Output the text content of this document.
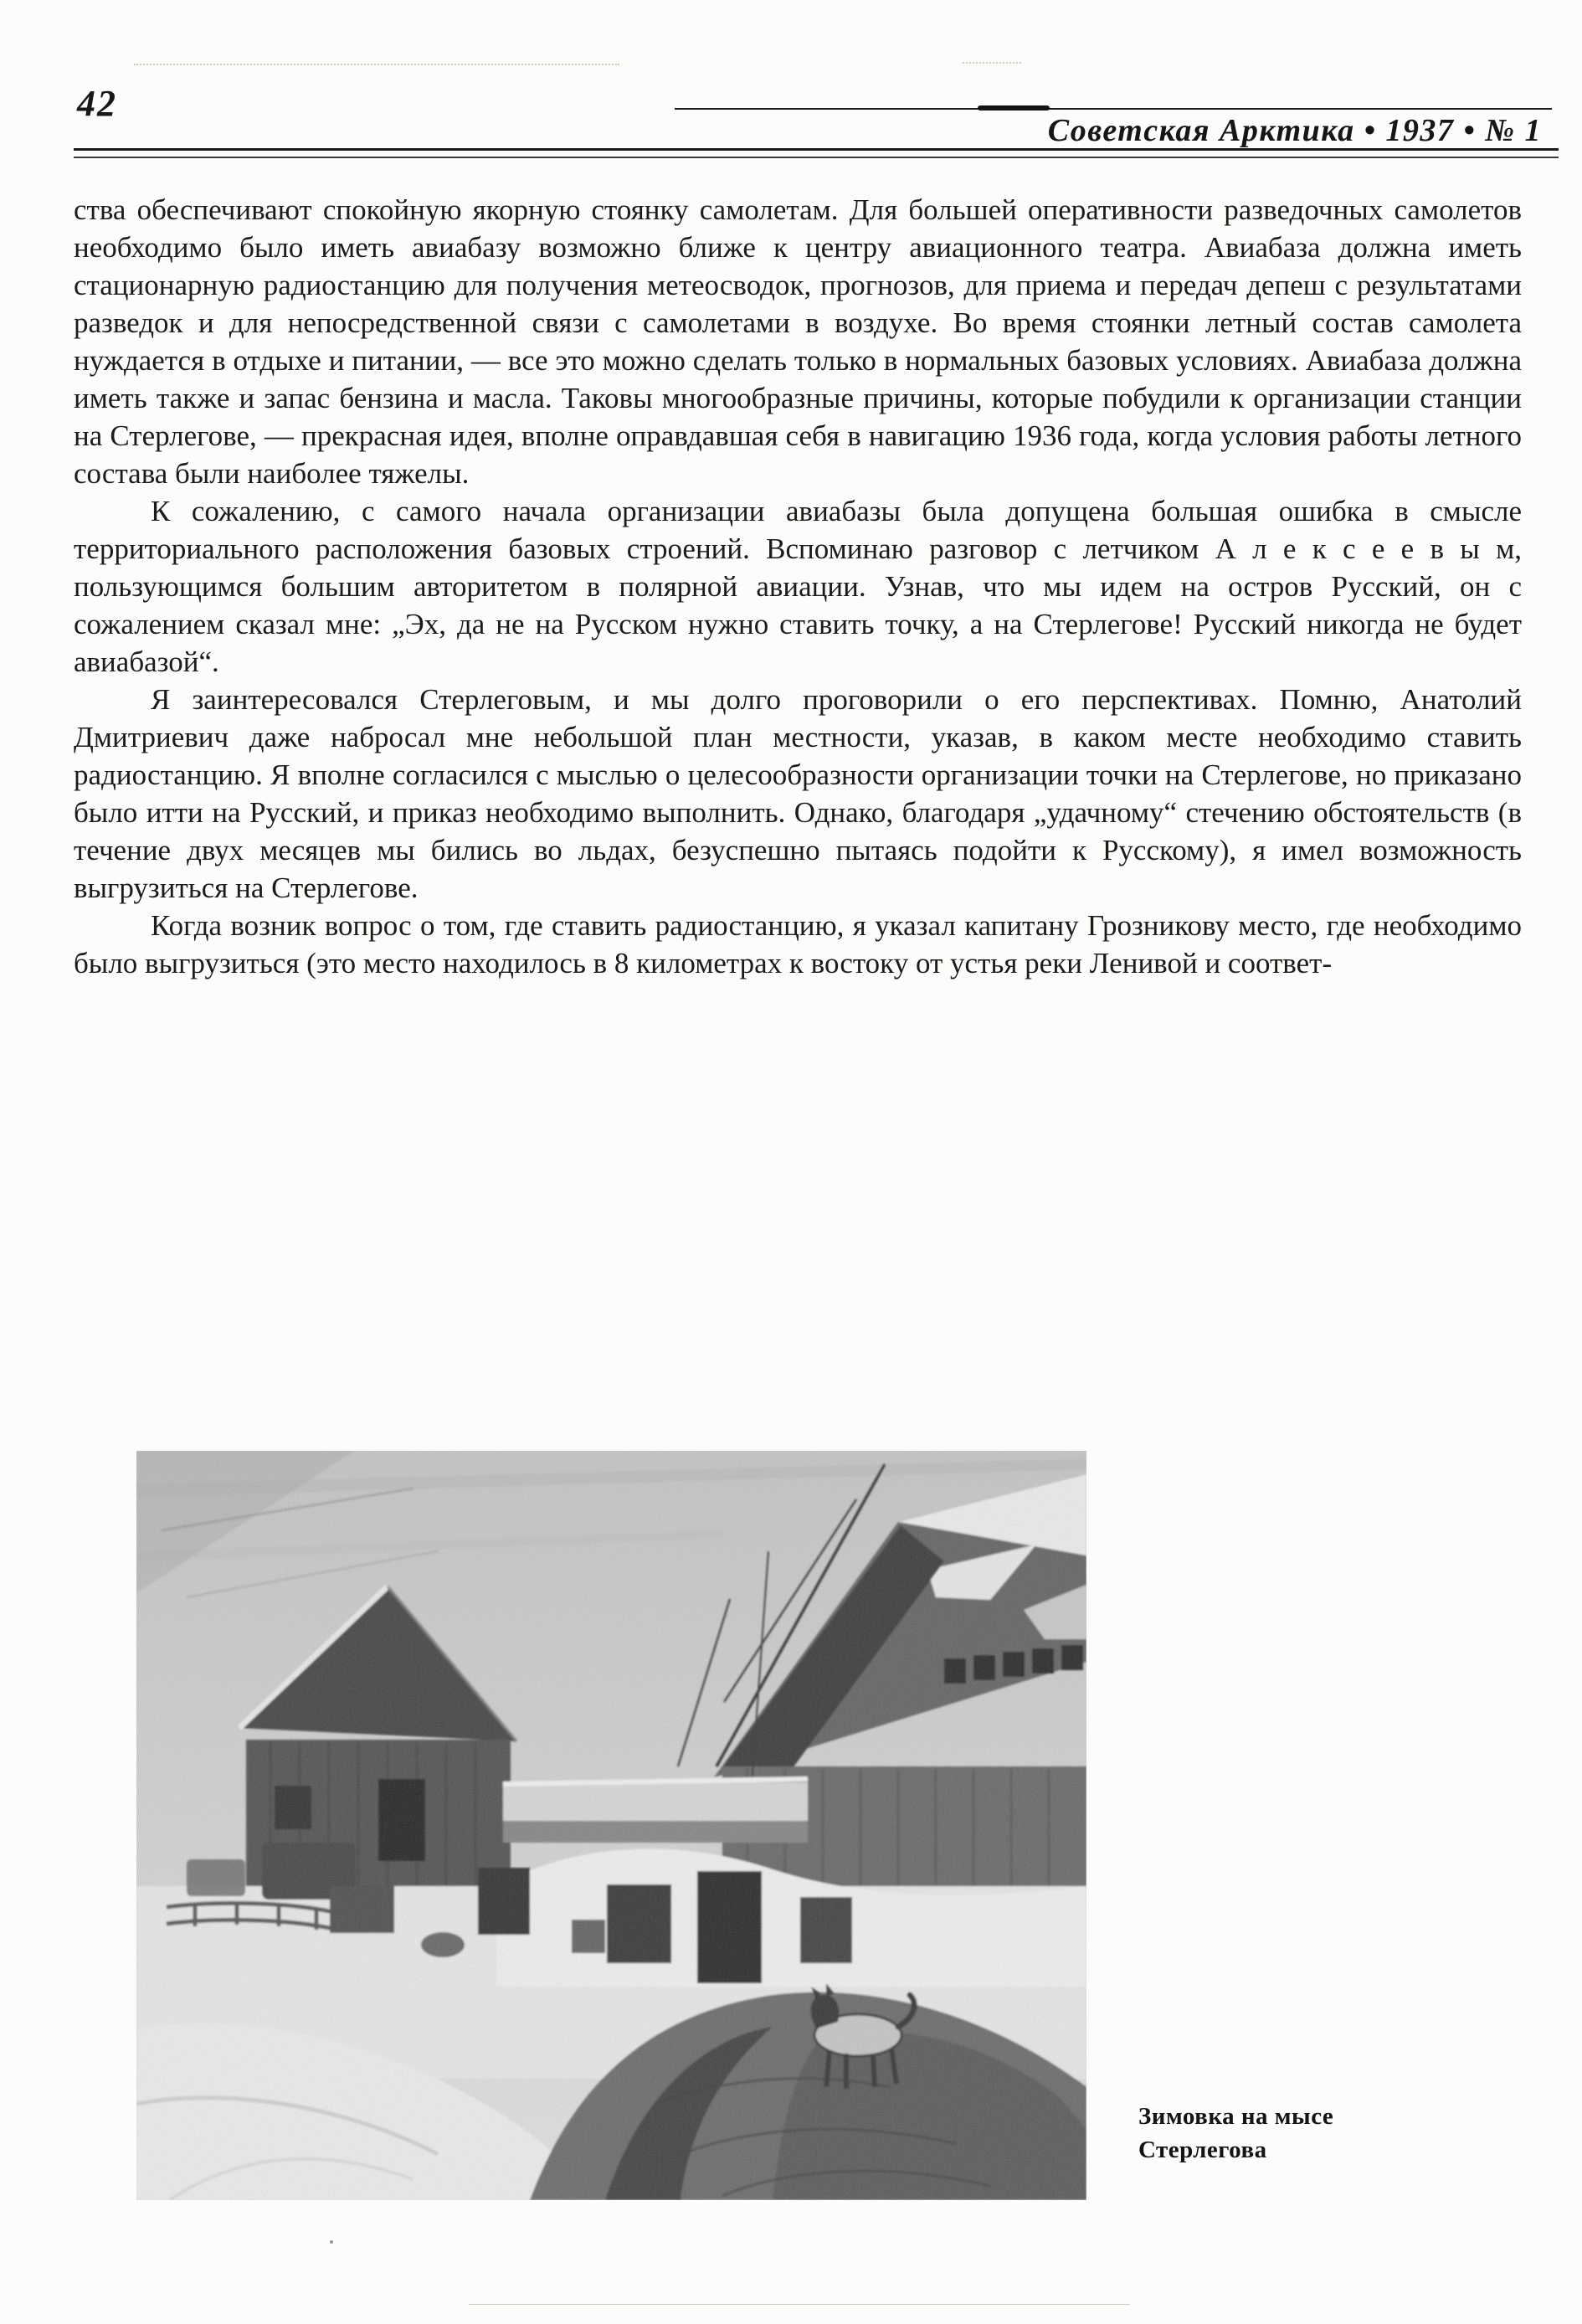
42
Советская Арктика • 1937 • № 1

ства обеспечивают спокойную якорную стоянку самолетам. Для большей оперативности разведочных самолетов необходимо было иметь авиабазу возможно ближе к центру авиационного театра. Авиабаза должна иметь стационарную радиостанцию для получения метеосводок, прогнозов, для приема и передач депеш с результатами разведок и для непосредственной связи с самолетами в воздухе. Во время стоянки летный состав самолета нуждается в отдыхе и питании, — все это можно сделать только в нормальных базовых условиях. Авиабаза должна иметь также и запас бензина и масла. Таковы многообразные причины, которые побудили к организации станции на Стерлегове, — прекрасная идея, вполне оправдавшая себя в навигацию 1936 года, когда условия работы летного состава были наиболее тяжелы.

К сожалению, с самого начала организации авиабазы была допущена большая ошибка в смысле территориального расположения базовых строений. Вспоминаю разговор с летчиком А л е к с е е в ы м, пользующимся большим авторитетом в полярной авиации. Узнав, что мы идем на остров Русский, он с сожалением сказал мне: „Эх, да не на Русском нужно ставить точку, а на Стерлегове! Русский никогда не будет авиабазой“.

Я заинтересовался Стерлеговым, и мы долго проговорили о его перспективах. Помню, Анатолий Дмитриевич даже набросал мне небольшой план местности, указав, в каком месте необходимо ставить радиостанцию. Я вполне согласился с мыслью о целесообразности организации точки на Стерлегове, но приказано было итти на Русский, и приказ необходимо выполнить. Однако, благодаря „удачному“ стечению обстоятельств (в течение двух месяцев мы бились во льдах, безуспешно пытаясь подойти к Русскому), я имел возможность выгрузиться на Стерлегове.

Когда возник вопрос о том, где ставить радиостанцию, я указал капитану Грозникову место, где необходимо было выгрузиться (это место находилось в 8 километрах к востоку от устья реки Ленивой и соответ-

Зимовка на мысе Стерлегова
